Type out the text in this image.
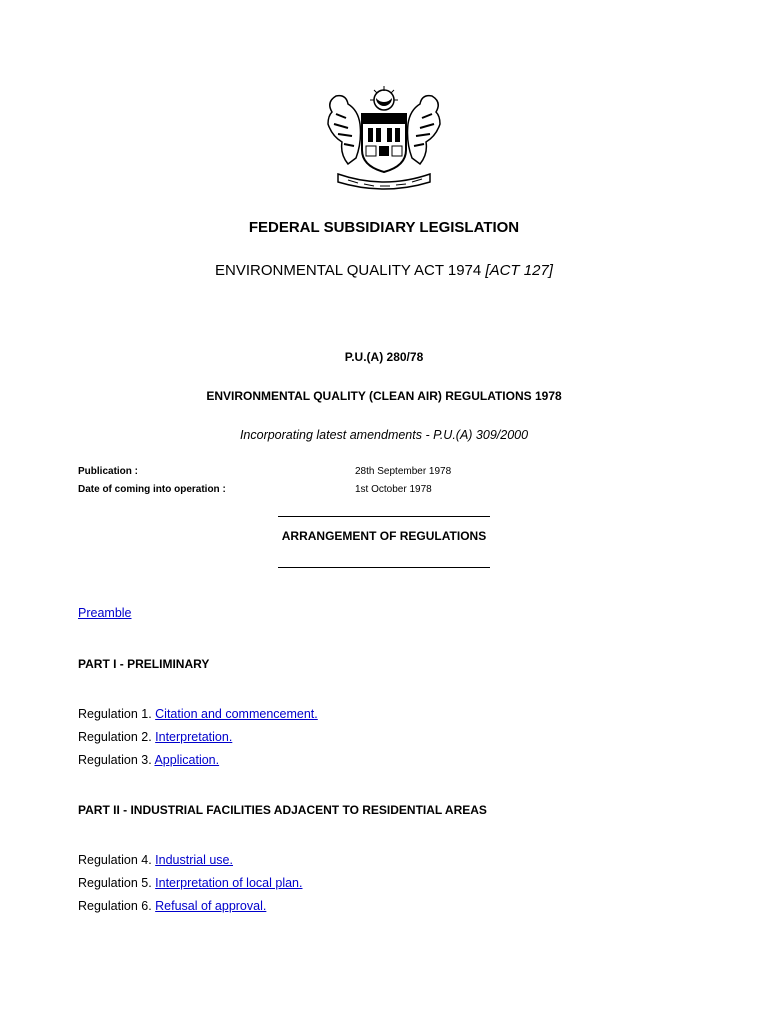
FEDERAL SUBSIDIARY LEGISLATION
ENVIRONMENTAL QUALITY ACT 1974 [ACT 127]
P.U.(A) 280/78
ENVIRONMENTAL QUALITY (CLEAN AIR) REGULATIONS 1978
Incorporating latest amendments - P.U.(A) 309/2000
Publication :	28th September 1978
Date of coming into operation :	1st October 1978
ARRANGEMENT OF REGULATIONS
Preamble
PART I - PRELIMINARY
Regulation 1. Citation and commencement.
Regulation 2. Interpretation.
Regulation 3. Application.
PART II - INDUSTRIAL FACILITIES ADJACENT TO RESIDENTIAL AREAS
Regulation 4. Industrial use.
Regulation 5. Interpretation of local plan.
Regulation 6. Refusal of approval.
